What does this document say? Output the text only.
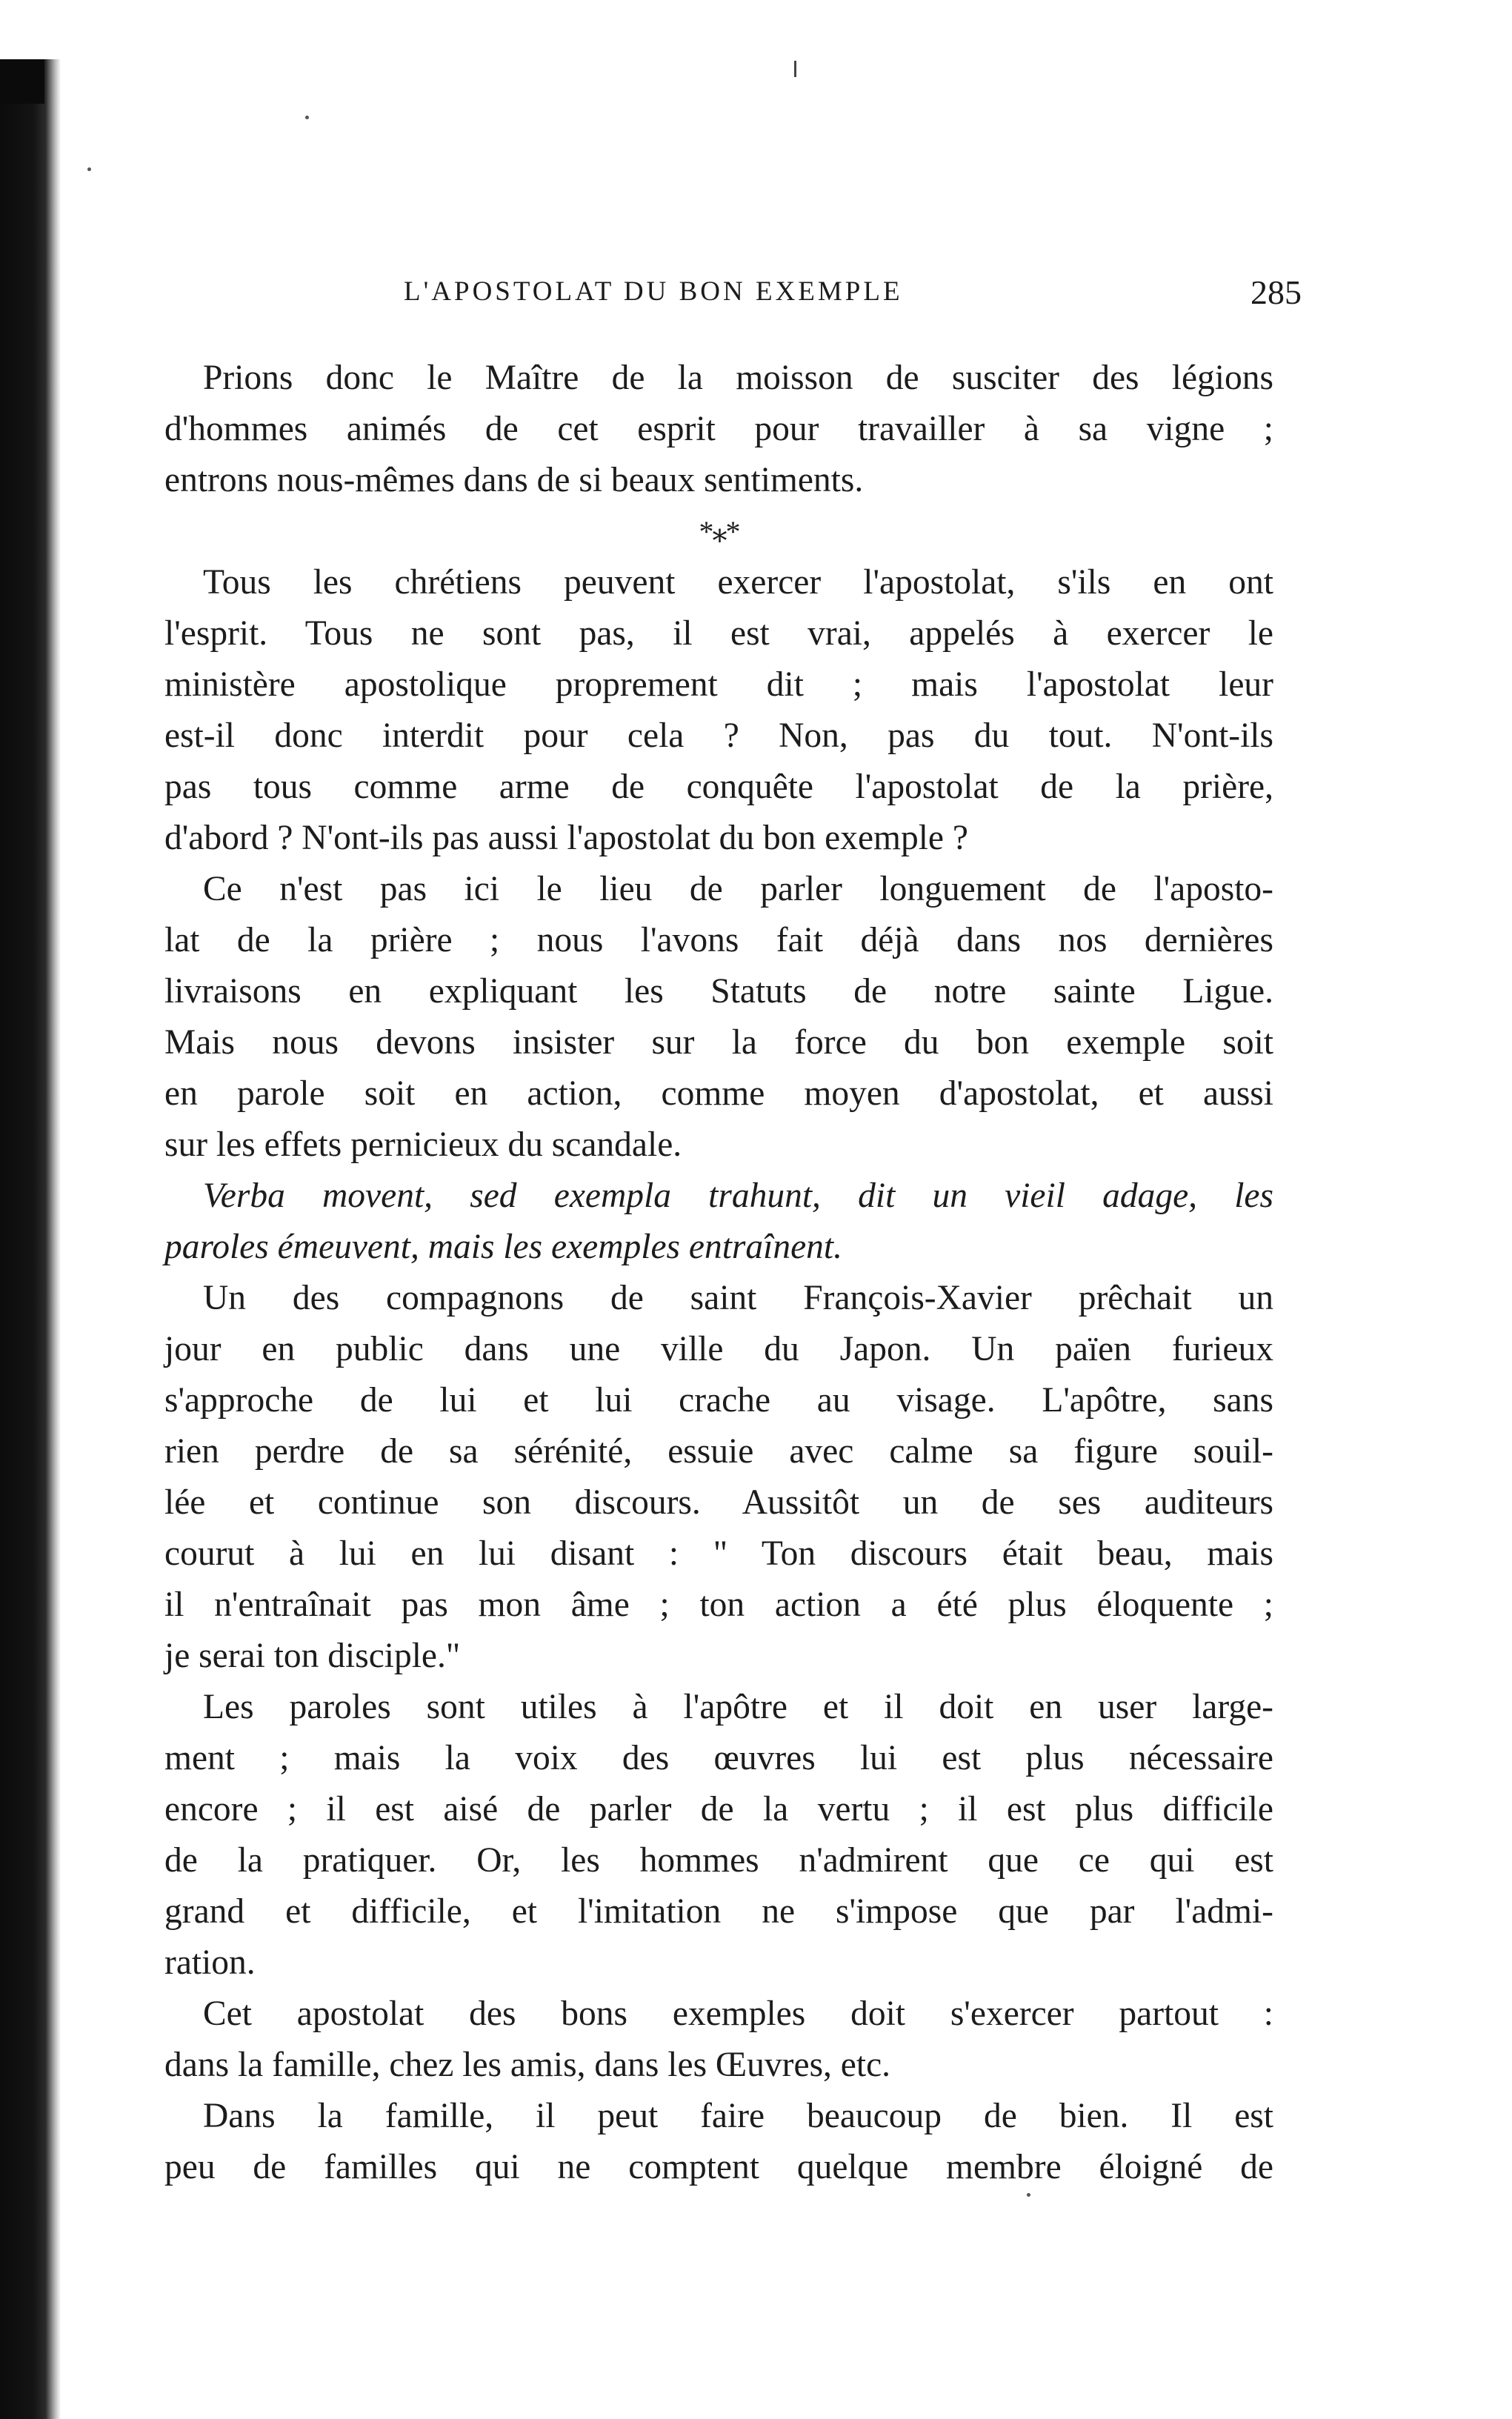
L'APOSTOLAT DU BON EXEMPLE	285
Prions donc le Maître de la moisson de susciter des légions
d'hommes animés de cet esprit pour travailler à sa vigne ;
entrons nous-mêmes dans de si beaux sentiments.
*⁎*
Tous les chrétiens peuvent exercer l'apostolat, s'ils en ont
l'esprit. Tous ne sont pas, il est vrai, appelés à exercer le
ministère apostolique proprement dit ; mais l'apostolat leur
est-il donc interdit pour cela ? Non, pas du tout. N'ont-ils
pas tous comme arme de conquête l'apostolat de la prière,
d'abord ? N'ont-ils pas aussi l'apostolat du bon exemple ?
Ce n'est pas ici le lieu de parler longuement de l'aposto-
lat de la prière ; nous l'avons fait déjà dans nos dernières
livraisons en expliquant les Statuts de notre sainte Ligue.
Mais nous devons insister sur la force du bon exemple soit
en parole soit en action, comme moyen d'apostolat, et aussi
sur les effets pernicieux du scandale.
Verba movent, sed exempla trahunt, dit un vieil adage, les
paroles émeuvent, mais les exemples entraînent.
Un des compagnons de saint François-Xavier prêchait un
jour en public dans une ville du Japon. Un païen furieux
s'approche de lui et lui crache au visage. L'apôtre, sans
rien perdre de sa sérénité, essuie avec calme sa figure souil-
lée et continue son discours. Aussitôt un de ses auditeurs
courut à lui en lui disant : " Ton discours était beau, mais
il n'entraînait pas mon âme ; ton action a été plus éloquente ;
je serai ton disciple."
Les paroles sont utiles à l'apôtre et il doit en user large-
ment ; mais la voix des œuvres lui est plus nécessaire
encore ; il est aisé de parler de la vertu ; il est plus difficile
de la pratiquer. Or, les hommes n'admirent que ce qui est
grand et difficile, et l'imitation ne s'impose que par l'admi-
ration.
Cet apostolat des bons exemples doit s'exercer partout :
dans la famille, chez les amis, dans les Œuvres, etc.
Dans la famille, il peut faire beaucoup de bien. Il est
peu de familles qui ne comptent quelque membre éloigné de
